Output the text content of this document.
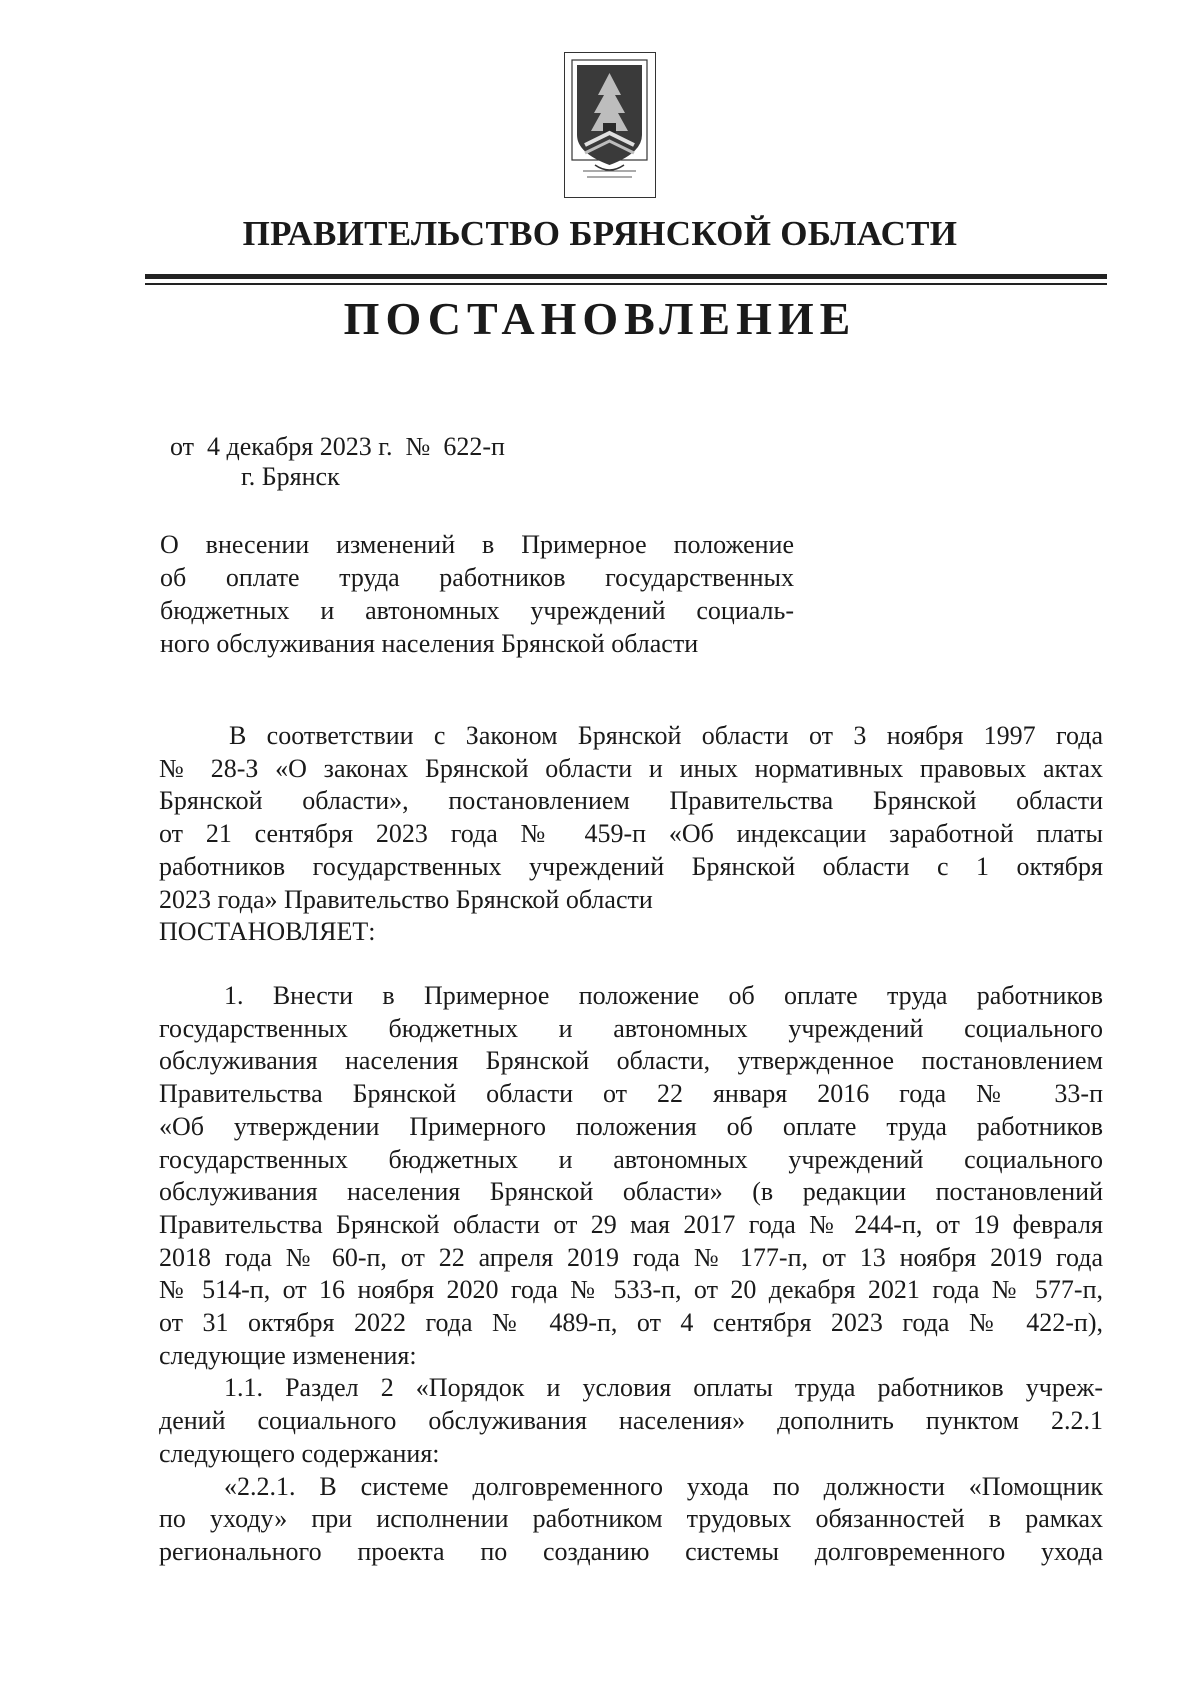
ПРАВИТЕЛЬСТВО БРЯНСКОЙ ОБЛАСТИ
ПОСТАНОВЛЕНИЕ
от 4 декабря 2023 г. № 622-п
г. Брянск
О внесении изменений в Примерное положение
об оплате труда работников государственных
бюджетных и автономных учреждений социаль-
ного обслуживания населения Брянской области
В соответствии с Законом Брянской области от 3 ноября 1997 года
№ 28-З «О законах Брянской области и иных нормативных правовых актах
Брянской области», постановлением Правительства Брянской области
от 21 сентября 2023 года № 459-п «Об индексации заработной платы
работников государственных учреждений Брянской области с 1 октября
2023 года» Правительство Брянской области
ПОСТАНОВЛЯЕТ:
1. Внести в Примерное положение об оплате труда работников
государственных бюджетных и автономных учреждений социального
обслуживания населения Брянской области, утвержденное постановлением
Правительства Брянской области от 22 января 2016 года № 33-п
«Об утверждении Примерного положения об оплате труда работников
государственных бюджетных и автономных учреждений социального
обслуживания населения Брянской области» (в редакции постановлений
Правительства Брянской области от 29 мая 2017 года № 244-п, от 19 февраля
2018 года № 60-п, от 22 апреля 2019 года № 177-п, от 13 ноября 2019 года
№ 514-п, от 16 ноября 2020 года № 533-п, от 20 декабря 2021 года № 577-п,
от 31 октября 2022 года № 489-п, от 4 сентября 2023 года № 422-п),
следующие изменения:
1.1. Раздел 2 «Порядок и условия оплаты труда работников учреж-
дений социального обслуживания населения» дополнить пунктом 2.2.1
следующего содержания:
«2.2.1. В системе долговременного ухода по должности «Помощник
по уходу» при исполнении работником трудовых обязанностей в рамках
регионального проекта по созданию системы долговременного ухода
